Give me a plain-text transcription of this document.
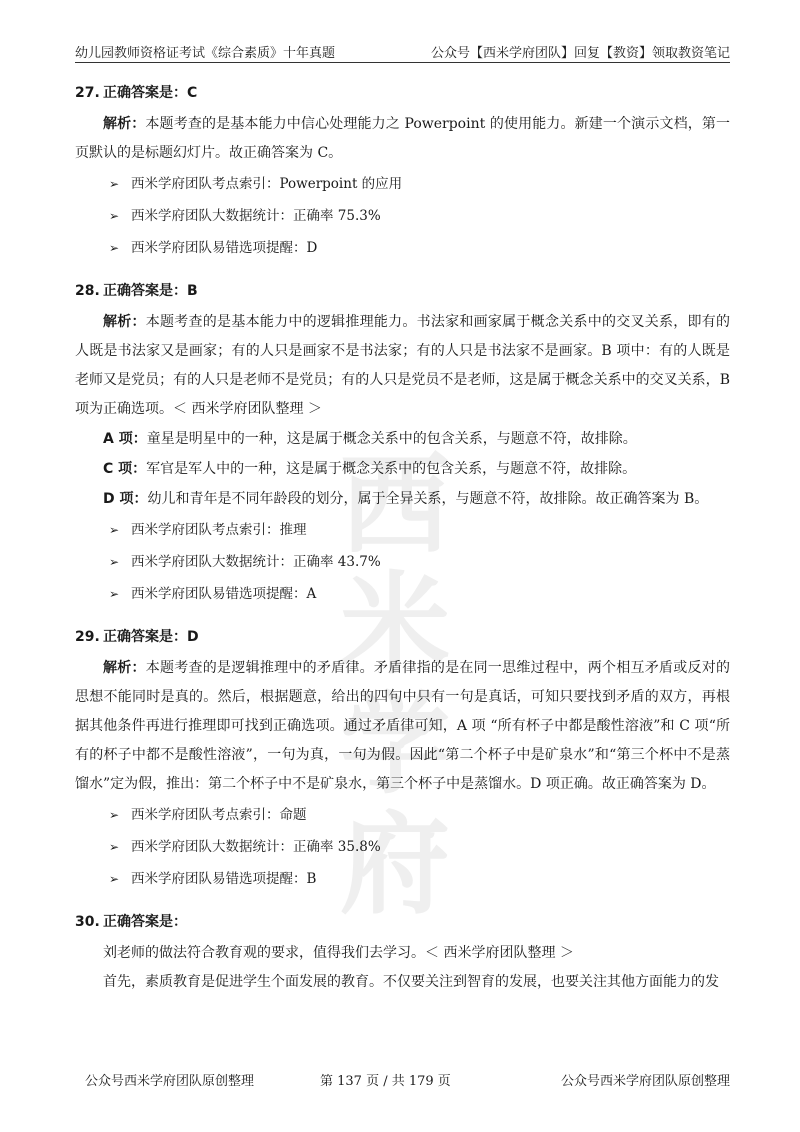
幼儿园教师资格证考试《综合素质》十年真题	公众号【西米学府团队】回复【教资】领取教资笔记
西米学府
27. 正确答案是：C

解析：本题考查的是基本能力中信心处理能力之 Powerpoint 的使用能力。新建一个演示文档，第一页默认的是标题幻灯片。故正确答案为 C。

➢ 西米学府团队考点索引：Powerpoint 的应用
➢ 西米学府团队大数据统计：正确率 75.3%
➢ 西米学府团队易错选项提醒：D
28. 正确答案是：B

解析：本题考查的是基本能力中的逻辑推理能力。书法家和画家属于概念关系中的交叉关系，即有的人既是书法家又是画家；有的人只是画家不是书法家；有的人只是书法家不是画家。B 项中：有的人既是老师又是党员；有的人只是老师不是党员；有的人只是党员不是老师，这是属于概念关系中的交叉关系，B 项为正确选项。＜ 西米学府团队整理 ＞

A 项：童星是明星中的一种，这是属于概念关系中的包含关系，与题意不符，故排除。

C 项：军官是军人中的一种，这是属于概念关系中的包含关系，与题意不符，故排除。

D 项：幼儿和青年是不同年龄段的划分，属于全异关系，与题意不符，故排除。故正确答案为 B。

➢ 西米学府团队考点索引：推理
➢ 西米学府团队大数据统计：正确率 43.7%
➢ 西米学府团队易错选项提醒：A
29. 正确答案是：D

解析：本题考查的是逻辑推理中的矛盾律。矛盾律指的是在同一思维过程中，两个相互矛盾或反对的思想不能同时是真的。然后，根据题意，给出的四句中只有一句是真话，可知只要找到矛盾的双方，再根据其他条件再进行推理即可找到正确选项。通过矛盾律可知，A 项 “所有杯子中都是酸性溶液”和 C 项“所有的杯子中都不是酸性溶液”，一句为真，一句为假。因此“第二个杯子中是矿泉水”和“第三个杯中不是蒸馏水”定为假，推出：第二个杯子中不是矿泉水，第三个杯子中是蒸馏水。D 项正确。故正确答案为 D。

➢ 西米学府团队考点索引：命题
➢ 西米学府团队大数据统计：正确率 35.8%
➢ 西米学府团队易错选项提醒：B
30. 正确答案是：

刘老师的做法符合教育观的要求，值得我们去学习。＜ 西米学府团队整理 ＞

首先，素质教育是促进学生个面发展的教育。不仅要关注到智育的发展，也要关注其他方面能力的发

公众号西米学府团队原创整理	第 137 页 / 共 179 页	公众号西米学府团队原创整理
